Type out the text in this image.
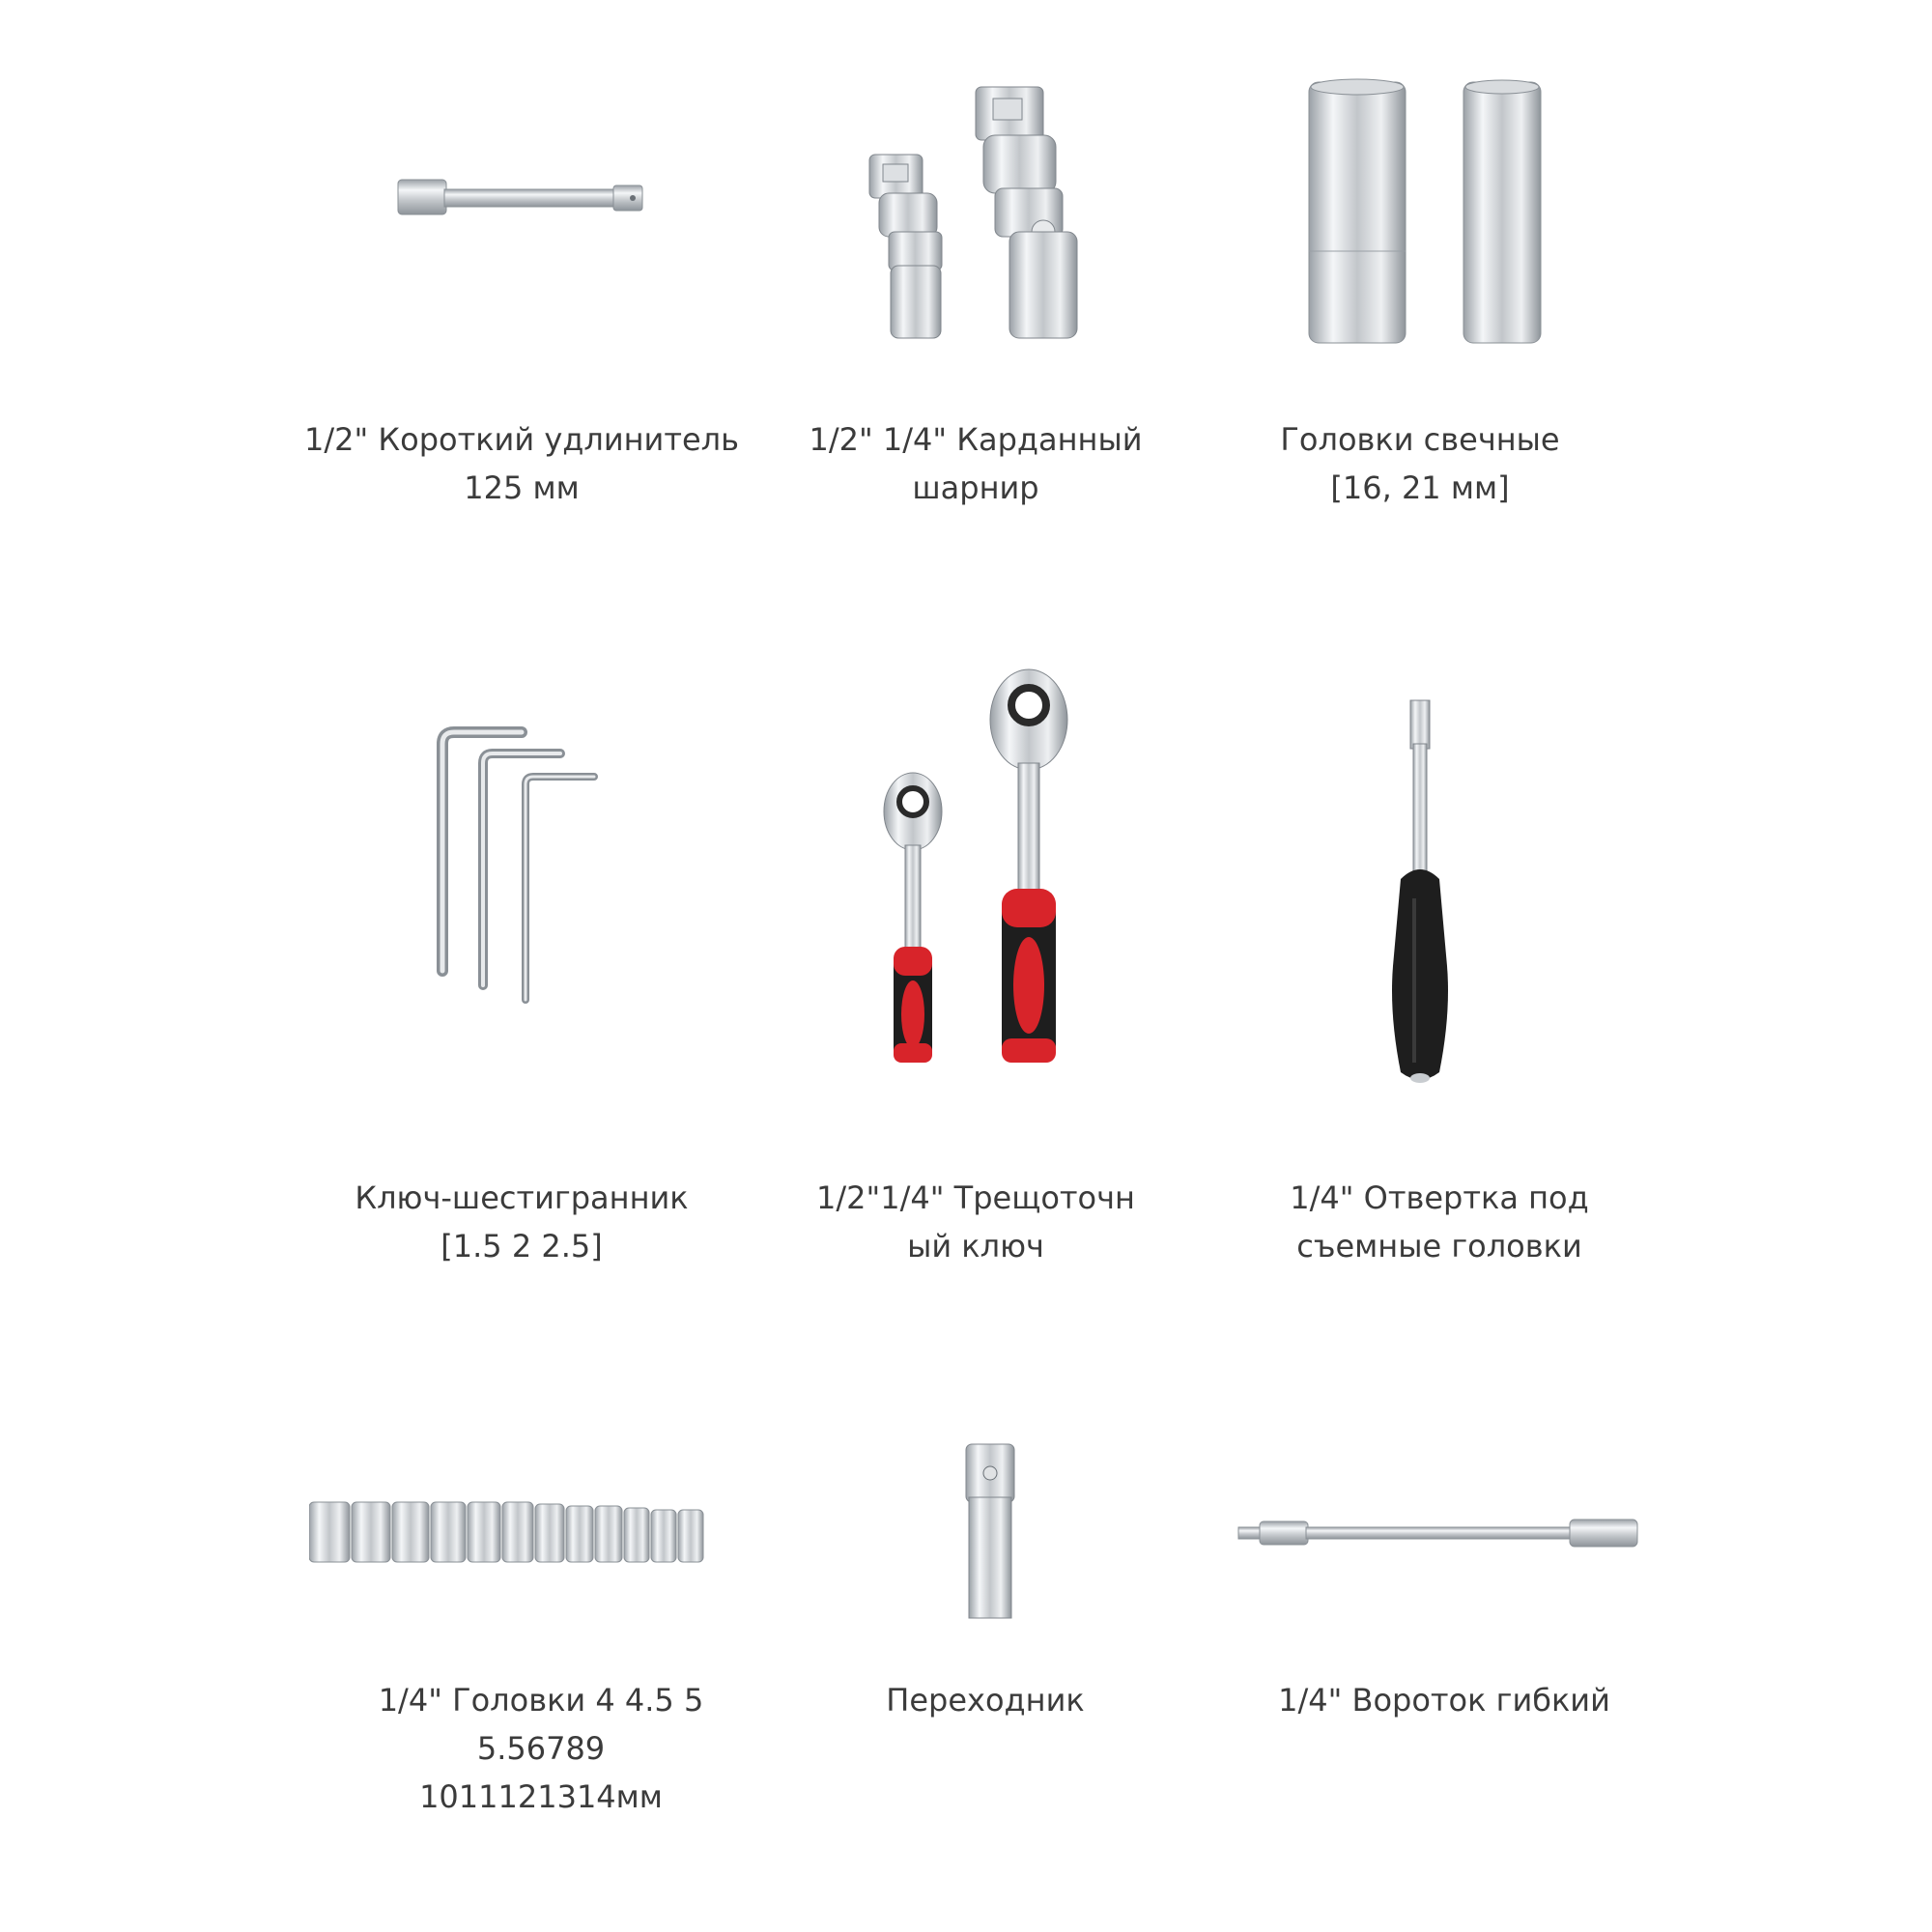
1/2" Короткий удлинитель
125 мм
1/2" 1/4" Карданный
шарнир
Головки свечные
[16, 21 мм]
Ключ-шестигранник
[1.5 2 2.5]
1/2"1/4" Трещоточн
ый ключ
1/4" Отвертка под
съемные головки
1/4" Головки 4 4.5 5
5.56789
1011121314мм
Переходник	1/4" Вороток гибкий
